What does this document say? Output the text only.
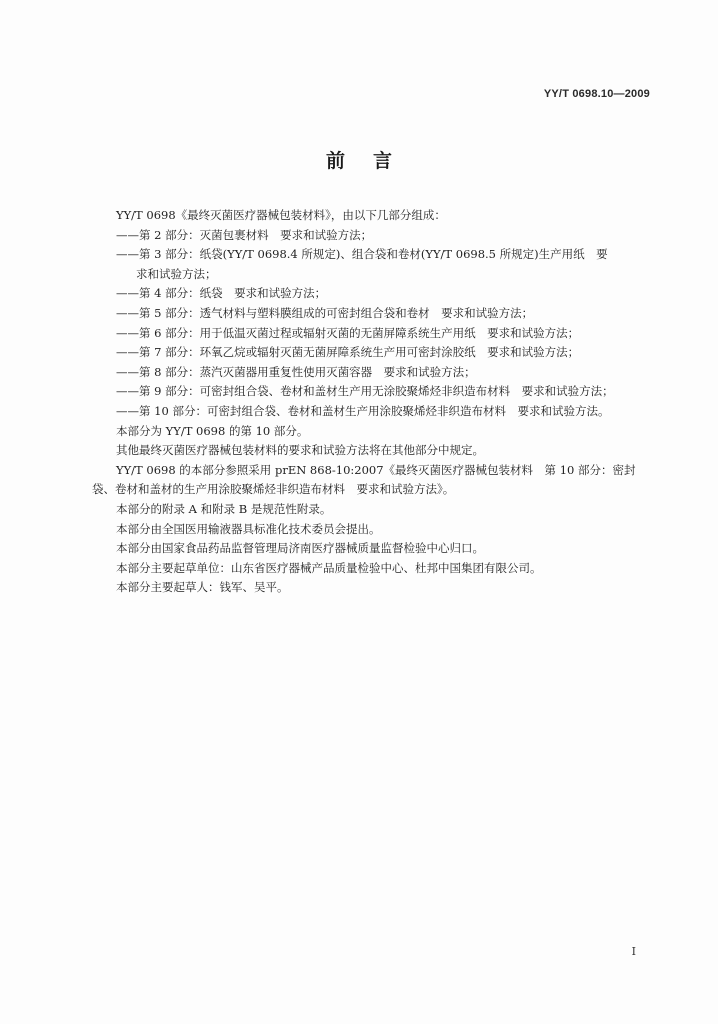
YY/T 0698.10—2009
前言

YY/T 0698《最终灭菌医疗器械包装材料》，由以下几部分组成：

——第 2 部分：灭菌包裹材料　要求和试验方法；

——第 3 部分：纸袋(YY/T 0698.4 所规定)、组合袋和卷材(YY/T 0698.5 所规定)生产用纸　要

求和试验方法；

——第 4 部分：纸袋　要求和试验方法；

——第 5 部分：透气材料与塑料膜组成的可密封组合袋和卷材　要求和试验方法；

——第 6 部分：用于低温灭菌过程或辐射灭菌的无菌屏障系统生产用纸　要求和试验方法；

——第 7 部分：环氧乙烷或辐射灭菌无菌屏障系统生产用可密封涂胶纸　要求和试验方法；

——第 8 部分：蒸汽灭菌器用重复性使用灭菌容器　要求和试验方法；

——第 9 部分：可密封组合袋、卷材和盖材生产用无涂胶聚烯烃非织造布材料　要求和试验方法；

——第 10 部分：可密封组合袋、卷材和盖材生产用涂胶聚烯烃非织造布材料　要求和试验方法。

本部分为 YY/T 0698 的第 10 部分。

其他最终灭菌医疗器械包装材料的要求和试验方法将在其他部分中规定。

YY/T 0698 的本部分参照采用 prEN 868-10:2007《最终灭菌医疗器械包装材料　第 10 部分：密封

袋、卷材和盖材的生产用涂胶聚烯烃非织造布材料　要求和试验方法》。

本部分的附录 A 和附录 B 是规范性附录。

本部分由全国医用输液器具标准化技术委员会提出。

本部分由国家食品药品监督管理局济南医疗器械质量监督检验中心归口。

本部分主要起草单位：山东省医疗器械产品质量检验中心、杜邦中国集团有限公司。

本部分主要起草人：钱军、吴平。

I
